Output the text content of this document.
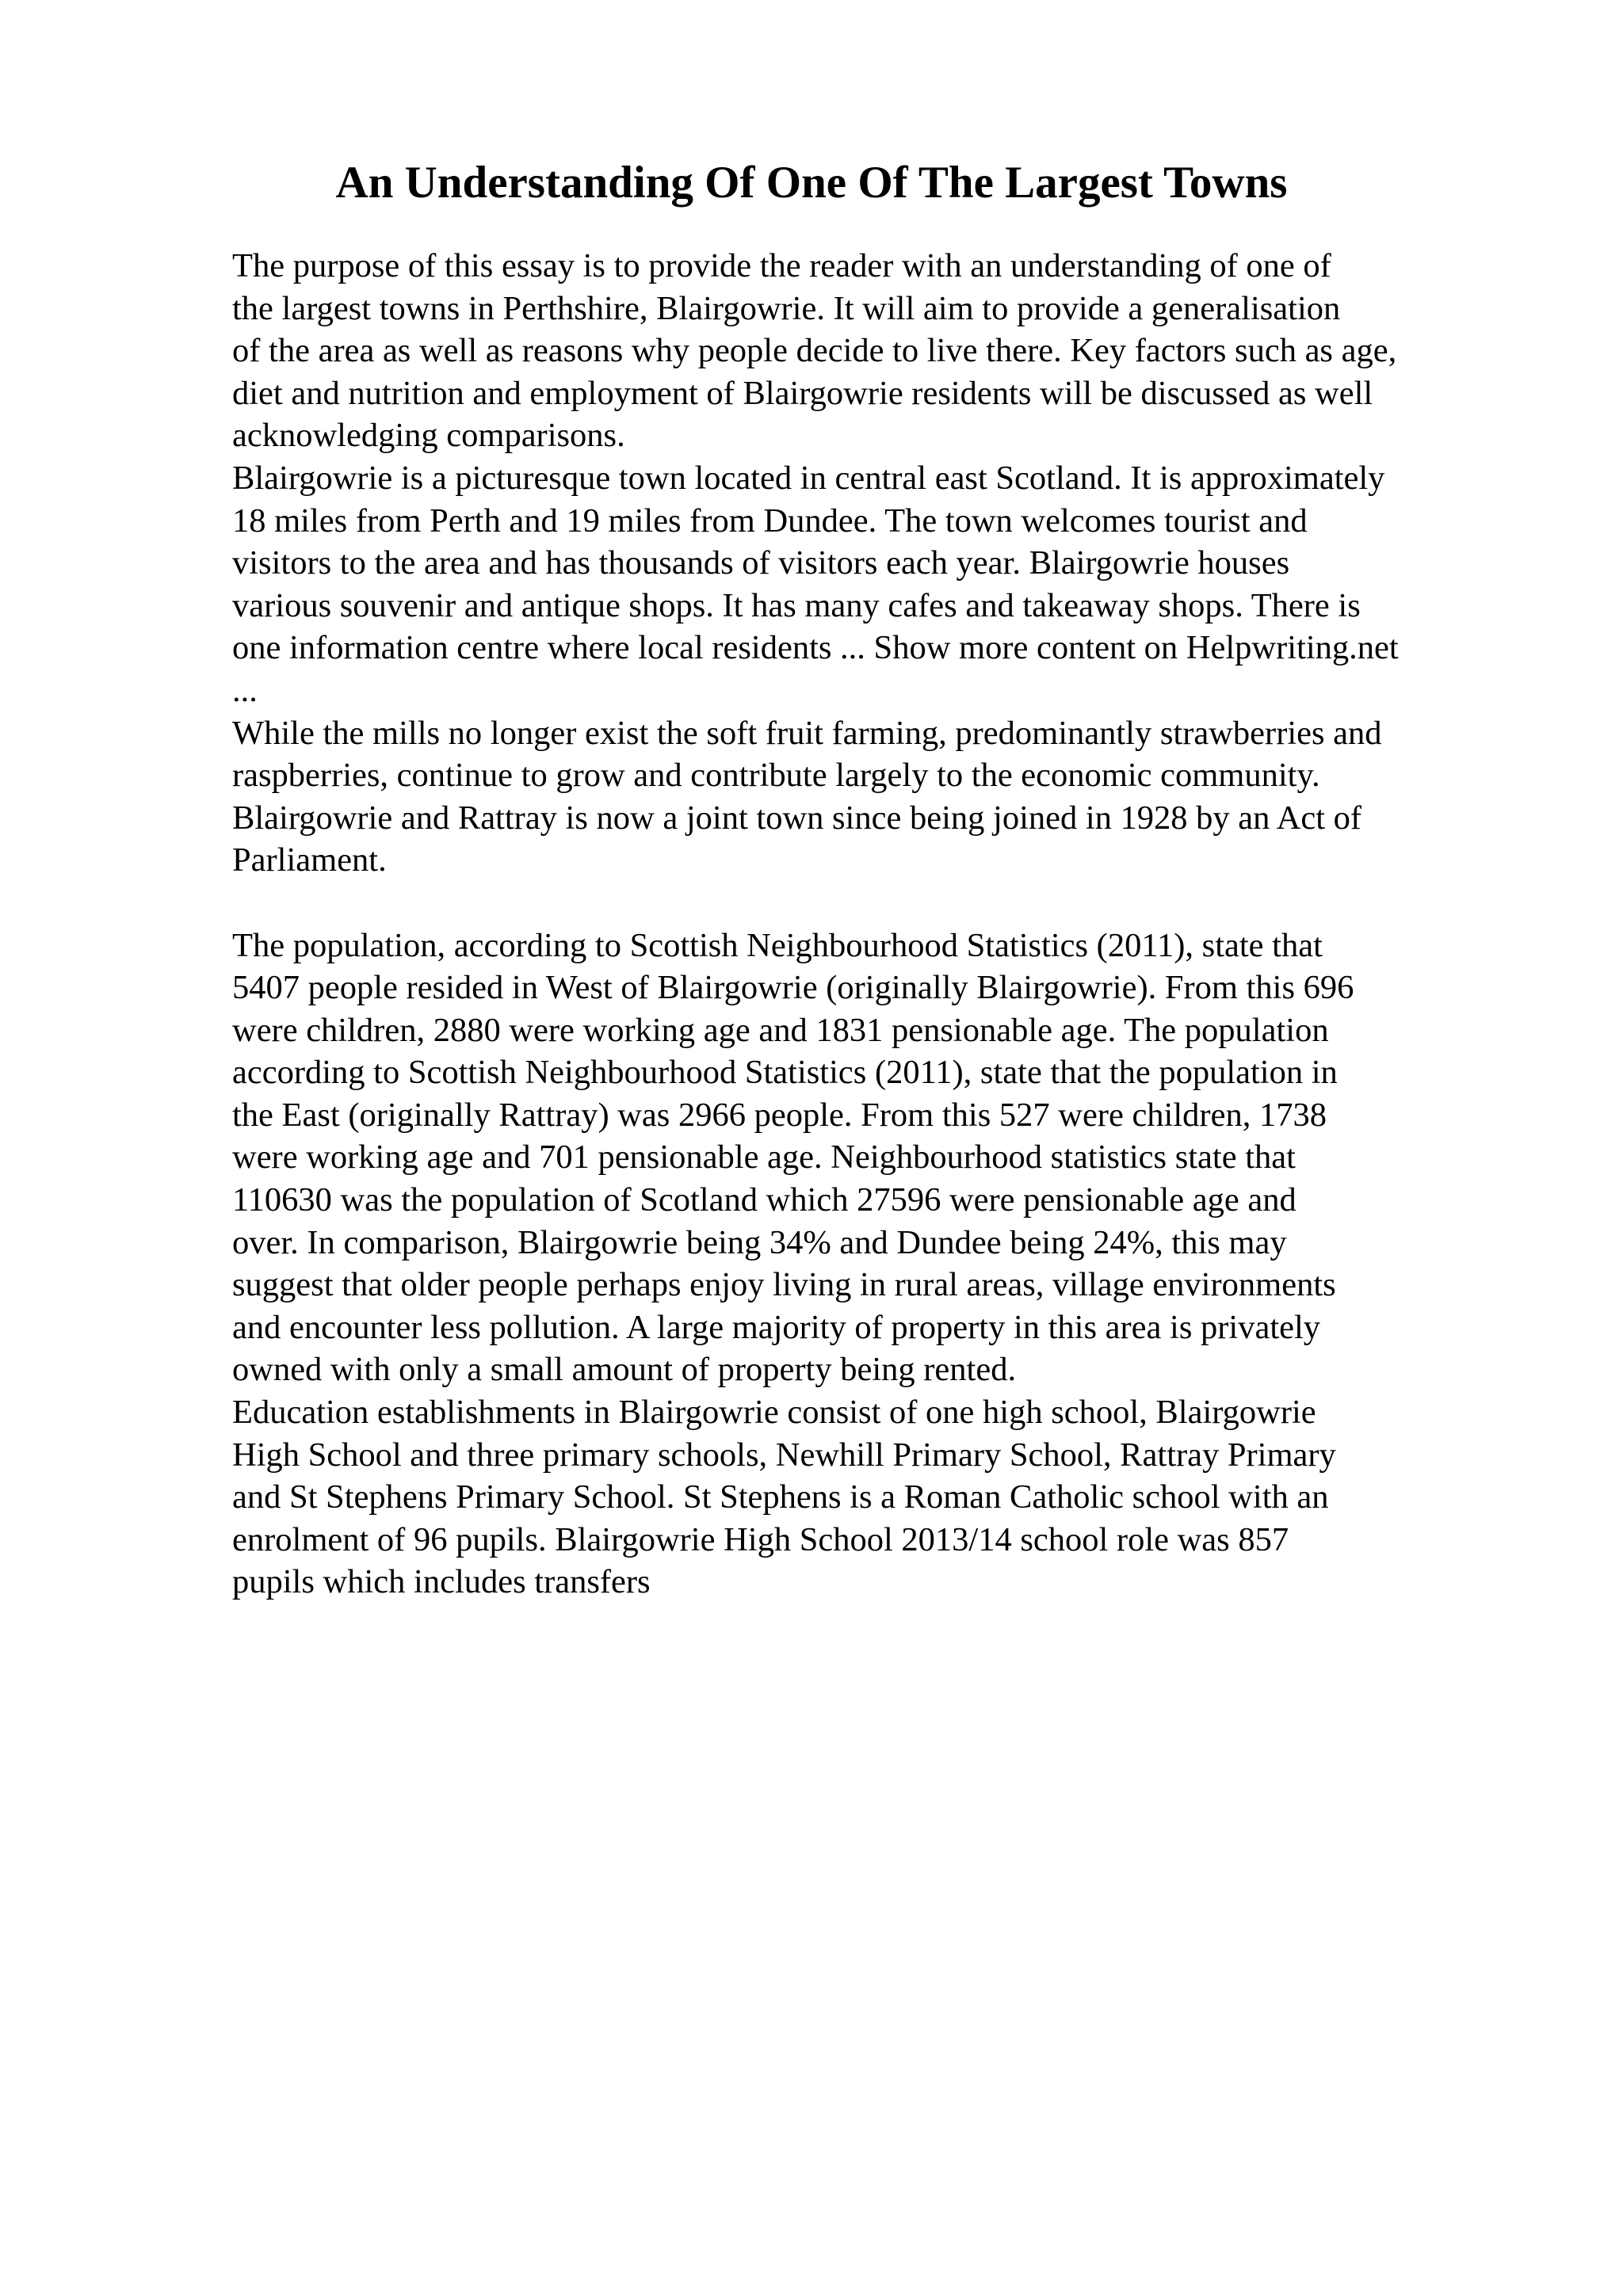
An Understanding Of One Of The Largest Towns
The purpose of this essay is to provide the reader with an understanding of one of
the largest towns in Perthshire, Blairgowrie. It will aim to provide a generalisation
of the area as well as reasons why people decide to live there. Key factors such as age,
diet and nutrition and employment of Blairgowrie residents will be discussed as well
acknowledging comparisons.
Blairgowrie is a picturesque town located in central east Scotland. It is approximately
18 miles from Perth and 19 miles from Dundee. The town welcomes tourist and
visitors to the area and has thousands of visitors each year. Blairgowrie houses
various souvenir and antique shops. It has many cafes and takeaway shops. There is
one information centre where local residents ... Show more content on Helpwriting.net
...
While the mills no longer exist the soft fruit farming, predominantly strawberries and
raspberries, continue to grow and contribute largely to the economic community.
Blairgowrie and Rattray is now a joint town since being joined in 1928 by an Act of
Parliament.
The population, according to Scottish Neighbourhood Statistics (2011), state that
5407 people resided in West of Blairgowrie (originally Blairgowrie). From this 696
were children, 2880 were working age and 1831 pensionable age. The population
according to Scottish Neighbourhood Statistics (2011), state that the population in
the East (originally Rattray) was 2966 people. From this 527 were children, 1738
were working age and 701 pensionable age. Neighbourhood statistics state that
110630 was the population of Scotland which 27596 were pensionable age and
over. In comparison, Blairgowrie being 34% and Dundee being 24%, this may
suggest that older people perhaps enjoy living in rural areas, village environments
and encounter less pollution. A large majority of property in this area is privately
owned with only a small amount of property being rented.
Education establishments in Blairgowrie consist of one high school, Blairgowrie
High School and three primary schools, Newhill Primary School, Rattray Primary
and St Stephens Primary School. St Stephens is a Roman Catholic school with an
enrolment of 96 pupils. Blairgowrie High School 2013/14 school role was 857
pupils which includes transfers
